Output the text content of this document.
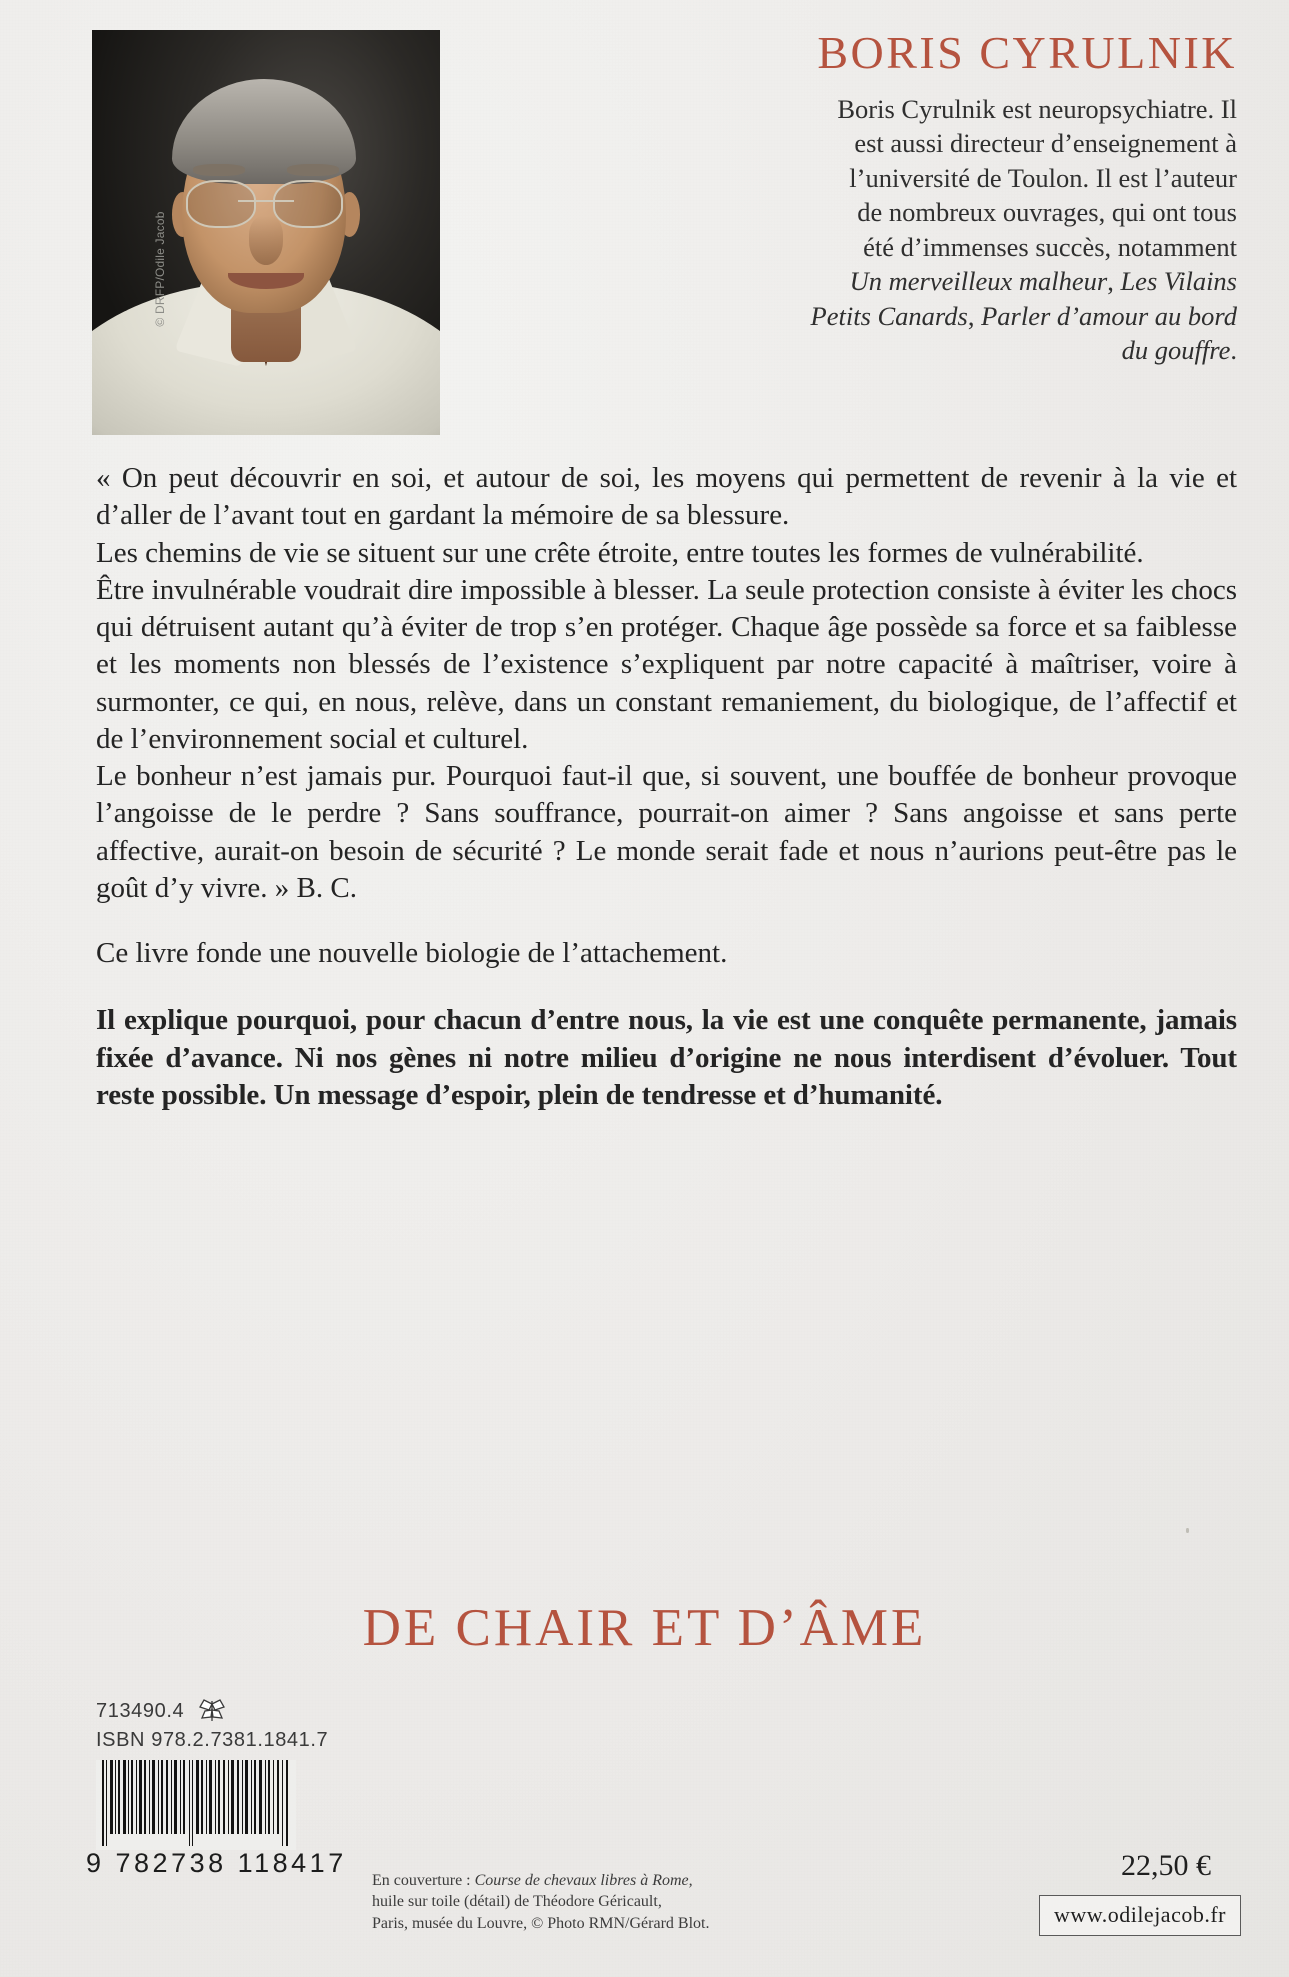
© DRFP/Odile Jacob
BORIS CYRULNIK
Boris Cyrulnik est neuropsychiatre. Il
est aussi directeur d’enseignement à
l’université de Toulon. Il est l’auteur
de nombreux ouvrages, qui ont tous
été d’immenses succès, notamment
Un merveilleux malheur, Les Vilains
Petits Canards, Parler d’amour au bord
du gouffre.

« On peut découvrir en soi, et autour de soi, les moyens qui permettent de revenir à la vie et d’aller de l’avant tout en gardant la mémoire de sa blessure.

Les chemins de vie se situent sur une crête étroite, entre toutes les formes de vulnérabilité.

Être invulnérable voudrait dire impossible à blesser. La seule protection consiste à éviter les chocs qui détruisent autant qu’à éviter de trop s’en protéger. Chaque âge possède sa force et sa faiblesse et les moments non blessés de l’existence s’expliquent par notre capacité à maîtriser, voire à surmonter, ce qui, en nous, relève, dans un constant remaniement, du biologique, de l’affectif et de l’environnement social et culturel.

Le bonheur n’est jamais pur. Pourquoi faut-il que, si souvent, une bouffée de bonheur provoque l’angoisse de le perdre ? Sans souffrance, pourrait-on aimer ? Sans angoisse et sans perte affective, aurait-on besoin de sécurité ? Le monde serait fade et nous n’aurions peut-être pas le goût d’y vivre. » B. C.

Ce livre fonde une nouvelle biologie de l’attachement.

Il explique pourquoi, pour chacun d’entre nous, la vie est une conquête permanente, jamais fixée d’avance. Ni nos gènes ni notre milieu d’origine ne nous interdisent d’évoluer. Tout reste possible. Un message d’espoir, plein de tendresse et d’humanité.

DE CHAIR ET D’ÂME
713490.4
ISBN 978.2.7381.1841.7
9 782738 118417
En couverture : Course de chevaux libres à Rome,
huile sur toile (détail) de Théodore Géricault,
Paris, musée du Louvre, © Photo RMN/Gérard Blot.
22,50 €
www.odilejacob.fr
